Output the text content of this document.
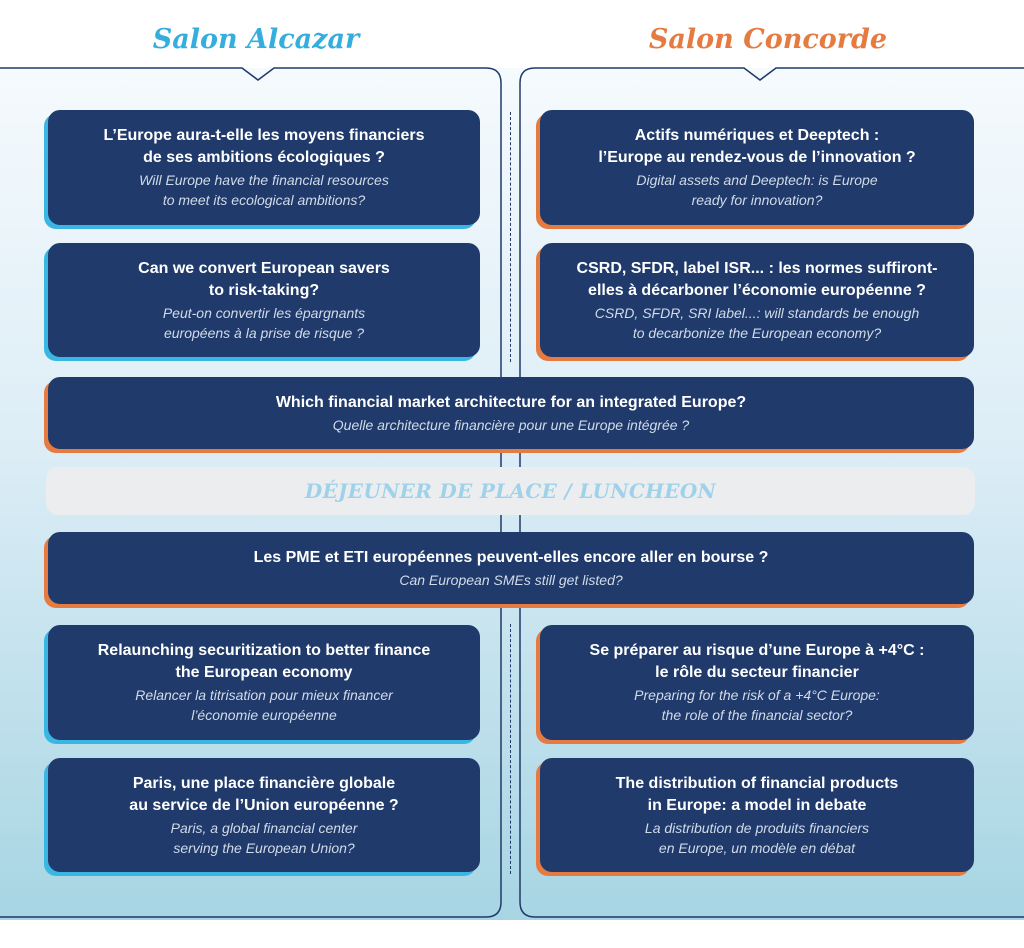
Salon Alcazar	Salon Concorde
L’Europe aura-t-elle les moyens financiers
de ses ambitions écologiques ?
Will Europe have the financial resources
to meet its ecological ambitions?
Actifs numériques et Deeptech :
l’Europe au rendez-vous de l’innovation ?
Digital assets and Deeptech: is Europe
ready for innovation?
Can we convert European savers
to risk-taking?
Peut-on convertir les épargnants
européens à la prise de risque ?
CSRD, SFDR, label ISR... : les normes suffiront-
elles à décarboner l’économie européenne ?
CSRD, SFDR, SRI label...: will standards be enough
to decarbonize the European economy?
Which financial market architecture for an integrated Europe?
Quelle architecture financière pour une Europe intégrée ?
DÉJEUNER DE PLACE / LUNCHEON
Les PME et ETI européennes peuvent-elles encore aller en bourse ?
Can European SMEs still get listed?
Relaunching securitization to better finance
the European economy
Relancer la titrisation pour mieux financer
l’économie européenne
Se préparer au risque d’une Europe à +4°C :
le rôle du secteur financier
Preparing for the risk of a +4°C Europe:
the role of the financial sector?
Paris, une place financière globale
au service de l’Union européenne ?
Paris, a global financial center
serving the European Union?
The distribution of financial products
in Europe: a model in debate
La distribution de produits financiers
en Europe, un modèle en débat
